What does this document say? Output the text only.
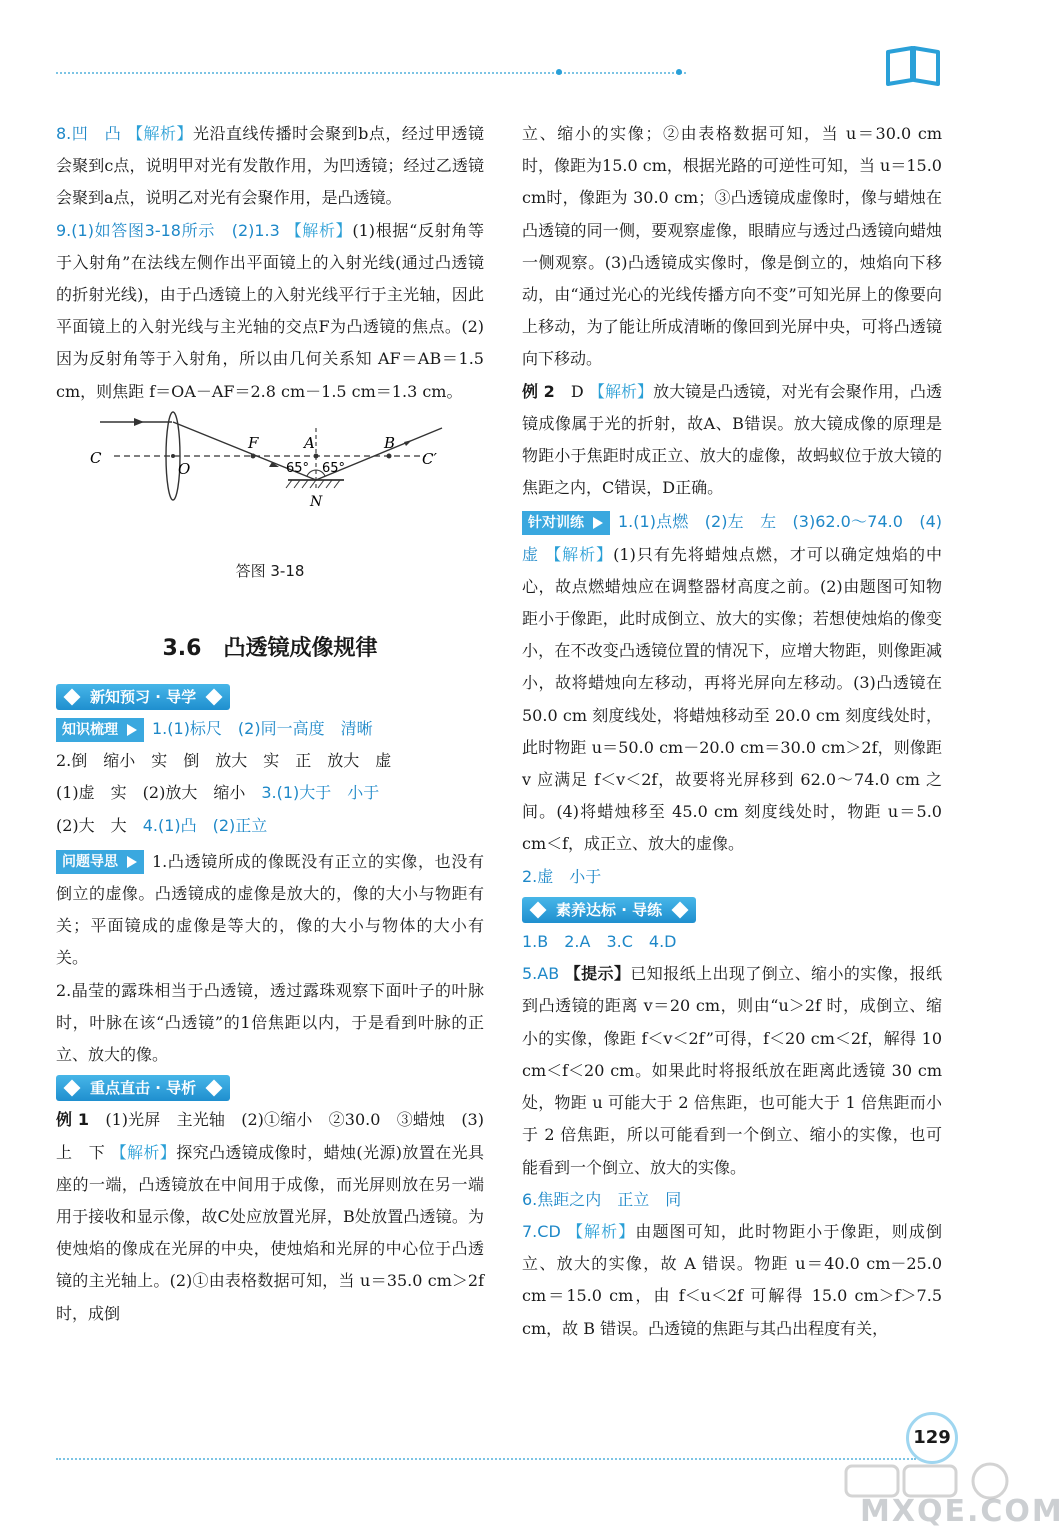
8.凹　凸 【解析】光沿直线传播时会聚到b点，经过甲透镜会聚到c点，说明甲对光有发散作用，为凹透镜；经过乙透镜会聚到a点，说明乙对光有会聚作用，是凸透镜。

9.(1)如答图3-18所示　(2)1.3 【解析】(1)根据“反射角等于入射角”在法线左侧作出平面镜上的入射光线(通过凸透镜的折射光线)，由于凸透镜上的入射光线平行于主光轴，因此平面镜上的入射光线与主光轴的交点F为凸透镜的焦点。(2)因为反射角等于入射角，所以由几何关系知 AF＝AB＝1.5 cm，则焦距 f＝OA－AF＝2.8 cm－1.5 cm＝1.3 cm。

C
O
F	A	B
C′
N
65° 65°
答图 3-18
3.6　凸透镜成像规律
新知预习 · 导学

知识梳理 1.(1)标尺　(2)同一高度　清晰

2.倒　缩小　实　倒　放大　实　正　放大　虚

(1)虚　实　(2)放大　缩小　 3.(1)大于　小于

(2)大　大　 4.(1)凸　(2)正立

问题导思 1.凸透镜所成的像既没有正立的实像，也没有倒立的虚像。凸透镜成的虚像是放大的，像的大小与物距有关；平面镜成的虚像是等大的，像的大小与物体的大小有关。

2.晶莹的露珠相当于凸透镜，透过露珠观察下面叶子的叶脉时，叶脉在该“凸透镜”的1倍焦距以内，于是看到叶脉的正立、放大的像。

重点直击 · 导析

例 1　 (1)光屏　主光轴　(2)①缩小　②30.0　③蜡烛　(3)上　下 【解析】探究凸透镜成像时，蜡烛(光源)放置在光具座的一端，凸透镜放在中间用于成像，而光屏则放在另一端用于接收和显示像，故C处应放置光屏，B处放置凸透镜。为使烛焰的像成在光屏的中央，使烛焰和光屏的中心位于凸透镜的主光轴上。(2)①由表格数据可知，当 u＝35.0 cm＞2f 时，成倒

立、缩小的实像；②由表格数据可知，当 u＝30.0 cm 时，像距为15.0 cm，根据光路的可逆性可知，当 u＝15.0 cm时，像距为 30.0 cm；③凸透镜成虚像时，像与蜡烛在凸透镜的同一侧，要观察虚像，眼睛应与透过凸透镜向蜡烛一侧观察。(3)凸透镜成实像时，像是倒立的，烛焰向下移动，由“通过光心的光线传播方向不变”可知光屏上的像要向上移动，为了能让所成清晰的像回到光屏中央，可将凸透镜向下移动。

例 2　 D 【解析】放大镜是凸透镜，对光有会聚作用，凸透镜成像属于光的折射，故A、B错误。放大镜成像的原理是物距小于焦距时成正立、放大的虚像，故蚂蚁位于放大镜的焦距之内，C错误，D正确。

针对训练 1.(1)点燃　(2)左　左　(3)62.0～74.0　(4)虚 【解析】(1)只有先将蜡烛点燃，才可以确定烛焰的中心，故点燃蜡烛应在调整器材高度之前。(2)由题图可知物距小于像距，此时成倒立、放大的实像；若想使烛焰的像变小，在不改变凸透镜位置的情况下，应增大物距，则像距减小，故将蜡烛向左移动，再将光屏向左移动。(3)凸透镜在 50.0 cm 刻度线处，将蜡烛移动至 20.0 cm 刻度线处时，此时物距 u＝50.0 cm－20.0 cm＝30.0 cm＞2f，则像距 v 应满足 f＜v＜2f，故要将光屏移到 62.0～74.0 cm 之间。(4)将蜡烛移至 45.0 cm 刻度线处时，物距 u＝5.0 cm＜f，成正立、放大的虚像。

2.虚　小于

素养达标 · 导练

1.B　2.A　3.C　4.D

5.AB 【提示】已知报纸上出现了倒立、缩小的实像，报纸到凸透镜的距离 v＝20 cm，则由“u＞2f 时，成倒立、缩小的实像，像距 f＜v＜2f”可得，f＜20 cm＜2f，解得 10 cm＜f＜20 cm。如果此时将报纸放在距离此透镜 30 cm 处，物距 u 可能大于 2 倍焦距，也可能大于 1 倍焦距而小于 2 倍焦距，所以可能看到一个倒立、缩小的实像，也可能看到一个倒立、放大的实像。

6.焦距之内　正立　同

7.CD 【解析】由题图可知，此时物距小于像距，则成倒立、放大的实像，故 A 错误。物距 u＝40.0 cm－25.0 cm＝15.0 cm，由 f＜u＜2f 可解得 15.0 cm＞f＞7.5 cm，故 B 错误。凸透镜的焦距与其凸出程度有关，

129
MXQE.COM
